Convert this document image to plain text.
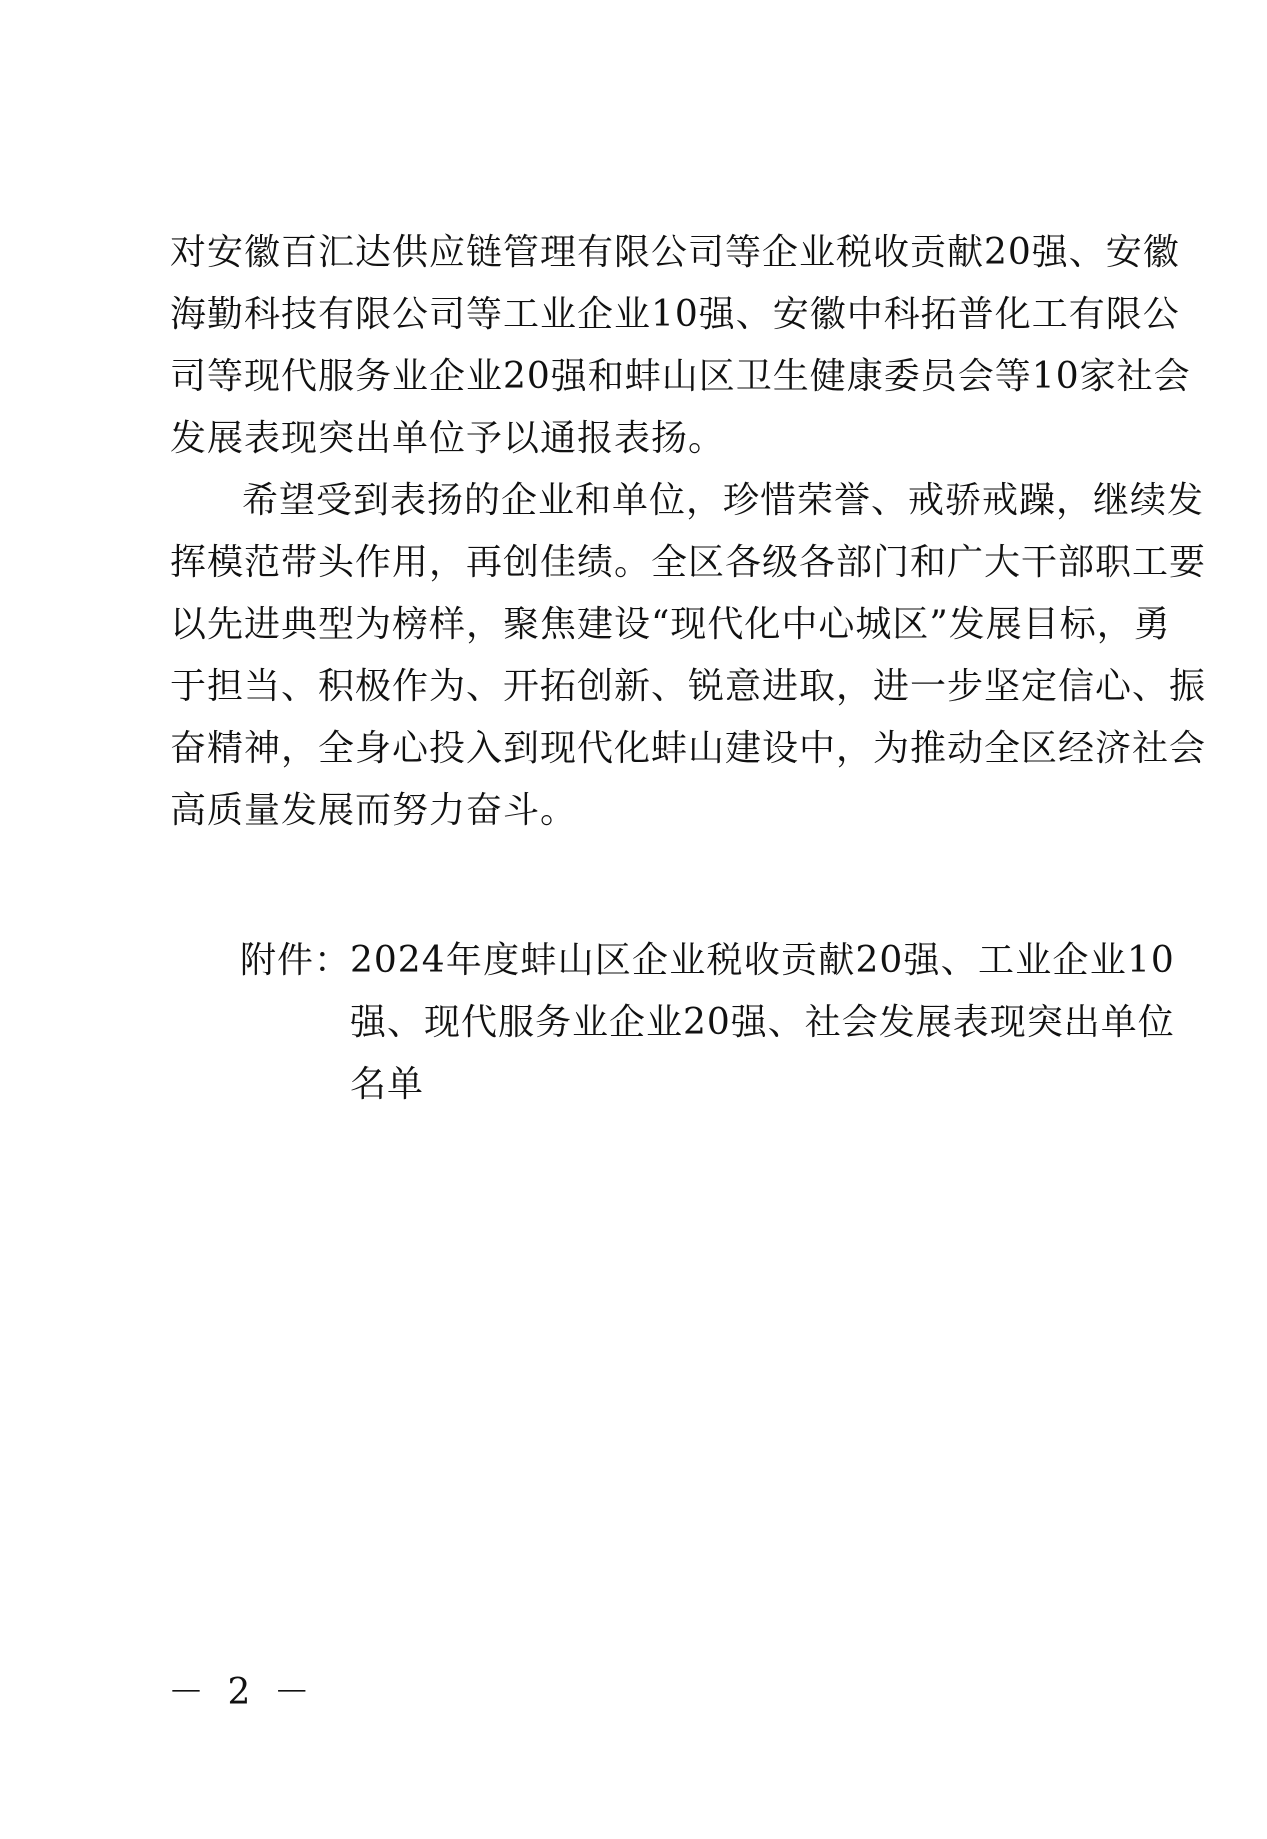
对安徽百汇达供应链管理有限公司等企业税收贡献20强、安徽
海勤科技有限公司等工业企业10强、安徽中科拓普化工有限公
司等现代服务业企业20强和蚌山区卫生健康委员会等10家社会
发展表现突出单位予以通报表扬。
希望受到表扬的企业和单位，珍惜荣誉、戒骄戒躁，继续发
挥模范带头作用，再创佳绩。全区各级各部门和广大干部职工要
以先进典型为榜样，聚焦建设“现代化中心城区”发展目标，勇
于担当、积极作为、开拓创新、锐意进取，进一步坚定信心、振
奋精神，全身心投入到现代化蚌山建设中，为推动全区经济社会
高质量发展而努力奋斗。
附件：
2024年度蚌山区企业税收贡献20强、工业企业10
强、现代服务业企业20强、社会发展表现突出单位
名单
－ 2 －
